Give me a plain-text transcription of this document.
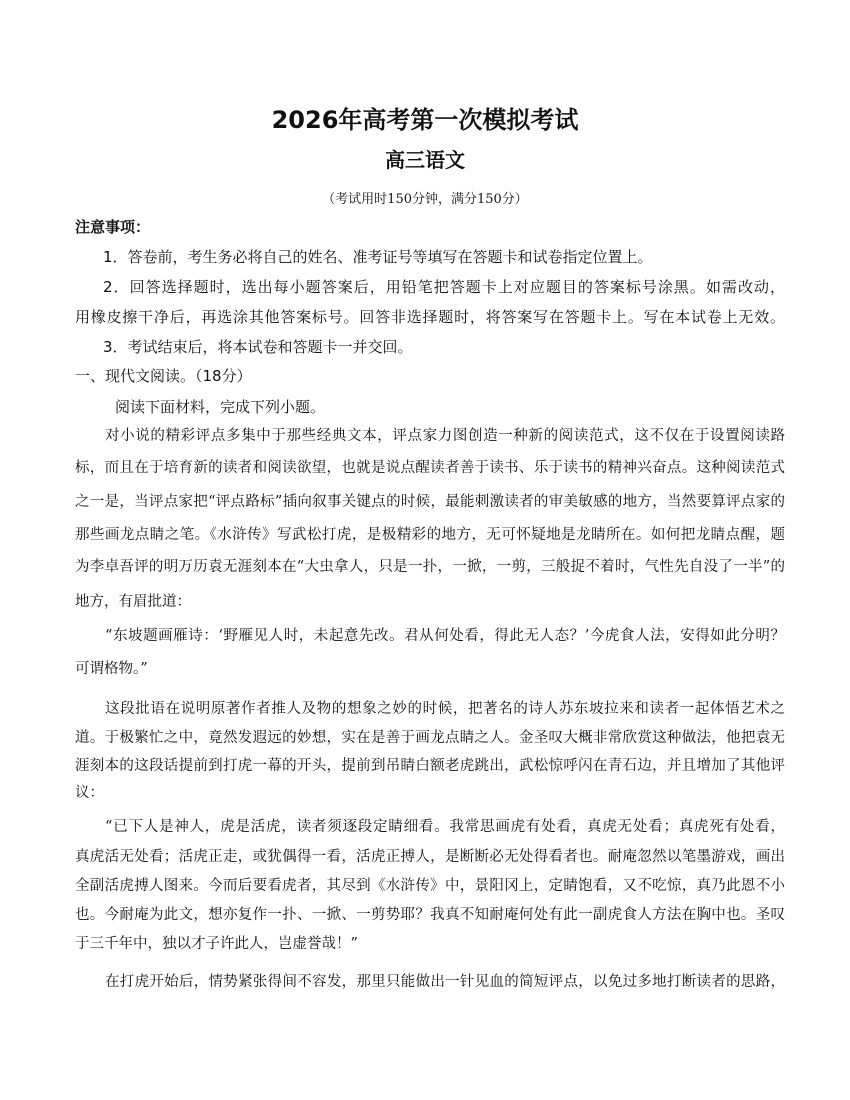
2026年高考第一次模拟考试
高三语文
（考试用时150分钟，满分150分）
注意事项：
1．答卷前，考生务必将自己的姓名、准考证号等填写在答题卡和试卷指定位置上。
2．回答选择题时，选出每小题答案后，用铅笔把答题卡上对应题目的答案标号涂黑。如需改动，
用橡皮擦干净后，再选涂其他答案标号。回答非选择题时，将答案写在答题卡上。写在本试卷上无效。
3．考试结束后，将本试卷和答题卡一并交回。
一、现代文阅读。（18分）
阅读下面材料，完成下列小题。
对小说的精彩评点多集中于那些经典文本，评点家力图创造一种新的阅读范式，这不仅在于设置阅读路
标，而且在于培育新的读者和阅读欲望，也就是说点醒读者善于读书、乐于读书的精神兴奋点。这种阅读范式
之一是，当评点家把“评点路标”插向叙事关键点的时候，最能刺激读者的审美敏感的地方，当然要算评点家的
那些画龙点睛之笔。《水浒传》写武松打虎，是极精彩的地方，无可怀疑地是龙睛所在。如何把龙睛点醒，题
为李卓吾评的明万历袁无涯刻本在“大虫拿人，只是一扑，一掀，一剪，三般捉不着时，气性先自没了一半”的
地方，有眉批道：
“东坡题画雁诗：‘野雁见人时，未起意先改。君从何处看，得此无人态？’今虎食人法，安得如此分明？
可谓格物。”
这段批语在说明原著作者推人及物的想象之妙的时候，把著名的诗人苏东坡拉来和读者一起体悟艺术之
道。于极繁忙之中，竟然发遐远的妙想，实在是善于画龙点睛之人。金圣叹大概非常欣赏这种做法，他把袁无
涯刻本的这段话提前到打虎一幕的开头，提前到吊睛白额老虎跳出，武松惊呼闪在青石边，并且增加了其他评
议：
“已下人是神人，虎是活虎，读者须逐段定睛细看。我常思画虎有处看，真虎无处看；真虎死有处看，
真虎活无处看；活虎正走，或犹偶得一看，活虎正搏人，是断断必无处得看者也。耐庵忽然以笔墨游戏，画出
全副活虎搏人图来。今而后要看虎者，其尽到《水浒传》中，景阳冈上，定睛饱看，又不吃惊，真乃此恩不小
也。今耐庵为此文，想亦复作一扑、一掀、一剪势耶？我真不知耐庵何处有此一副虎食人方法在胸中也。圣叹
于三千年中，独以才子许此人，岂虚誉哉！”
在打虎开始后，情势紧张得间不容发，那里只能做出一针见血的简短评点，以免过多地打断读者的思路，
